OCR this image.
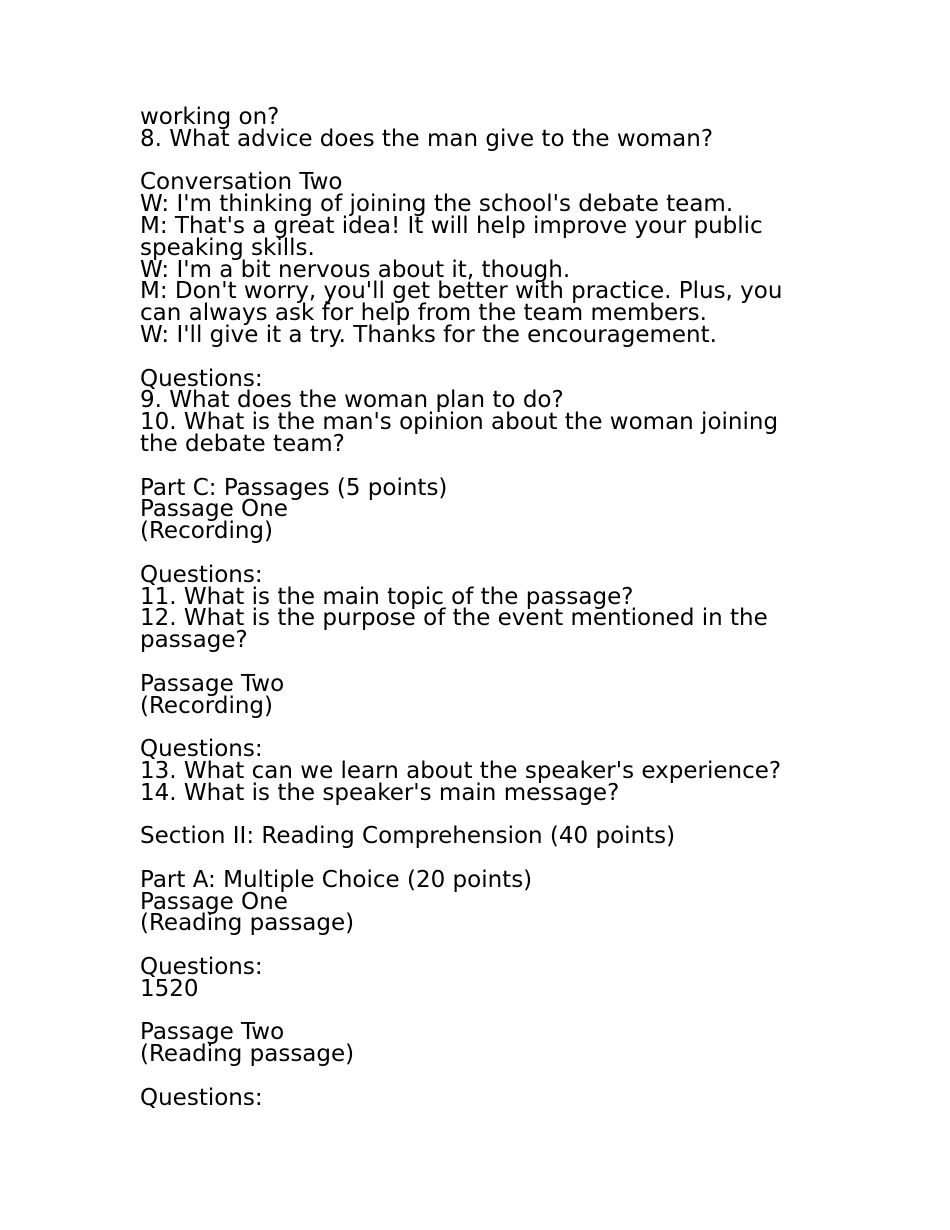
working on?
8. What advice does the man give to the woman?
Conversation Two
W: I'm thinking of joining the school's debate team.
M: That's a great idea! It will help improve your public
speaking skills.
W: I'm a bit nervous about it, though.
M: Don't worry, you'll get better with practice. Plus, you
can always ask for help from the team members.
W: I'll give it a try. Thanks for the encouragement.
Questions:
9. What does the woman plan to do?
10. What is the man's opinion about the woman joining
the debate team?
Part C: Passages (5 points)
Passage One
(Recording)
Questions:
11. What is the main topic of the passage?
12. What is the purpose of the event mentioned in the
passage?
Passage Two
(Recording)
Questions:
13. What can we learn about the speaker's experience?
14. What is the speaker's main message?
Section II: Reading Comprehension (40 points)
Part A: Multiple Choice (20 points)
Passage One
(Reading passage)
Questions:
1520
Passage Two
(Reading passage)
Questions:
